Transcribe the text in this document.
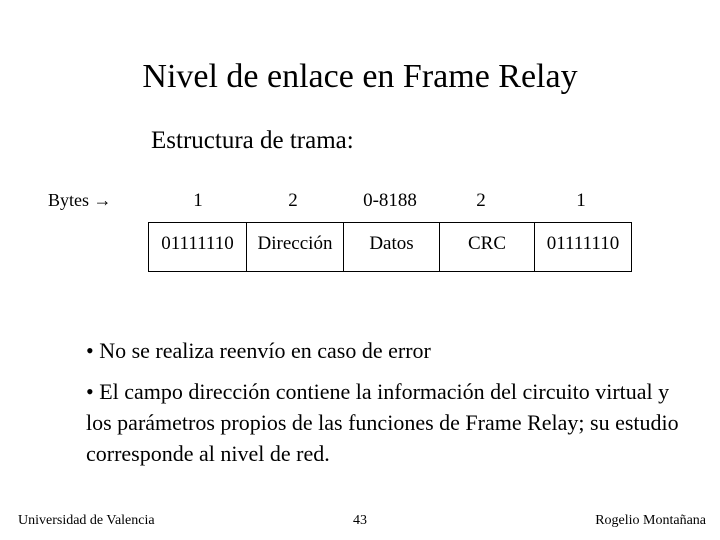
Nivel de enlace en Frame Relay
Estructura de trama:
Bytes →	1	2	0-8188	2	1
01111110	Dirección	Datos	CRC	01111110
• No se realiza reenvío en caso de error
• El campo dirección contiene la información del circuito virtual y los parámetros propios de las funciones de Frame Relay; su estudio corresponde al nivel de red.
Universidad de Valencia	43	Rogelio Montañana
